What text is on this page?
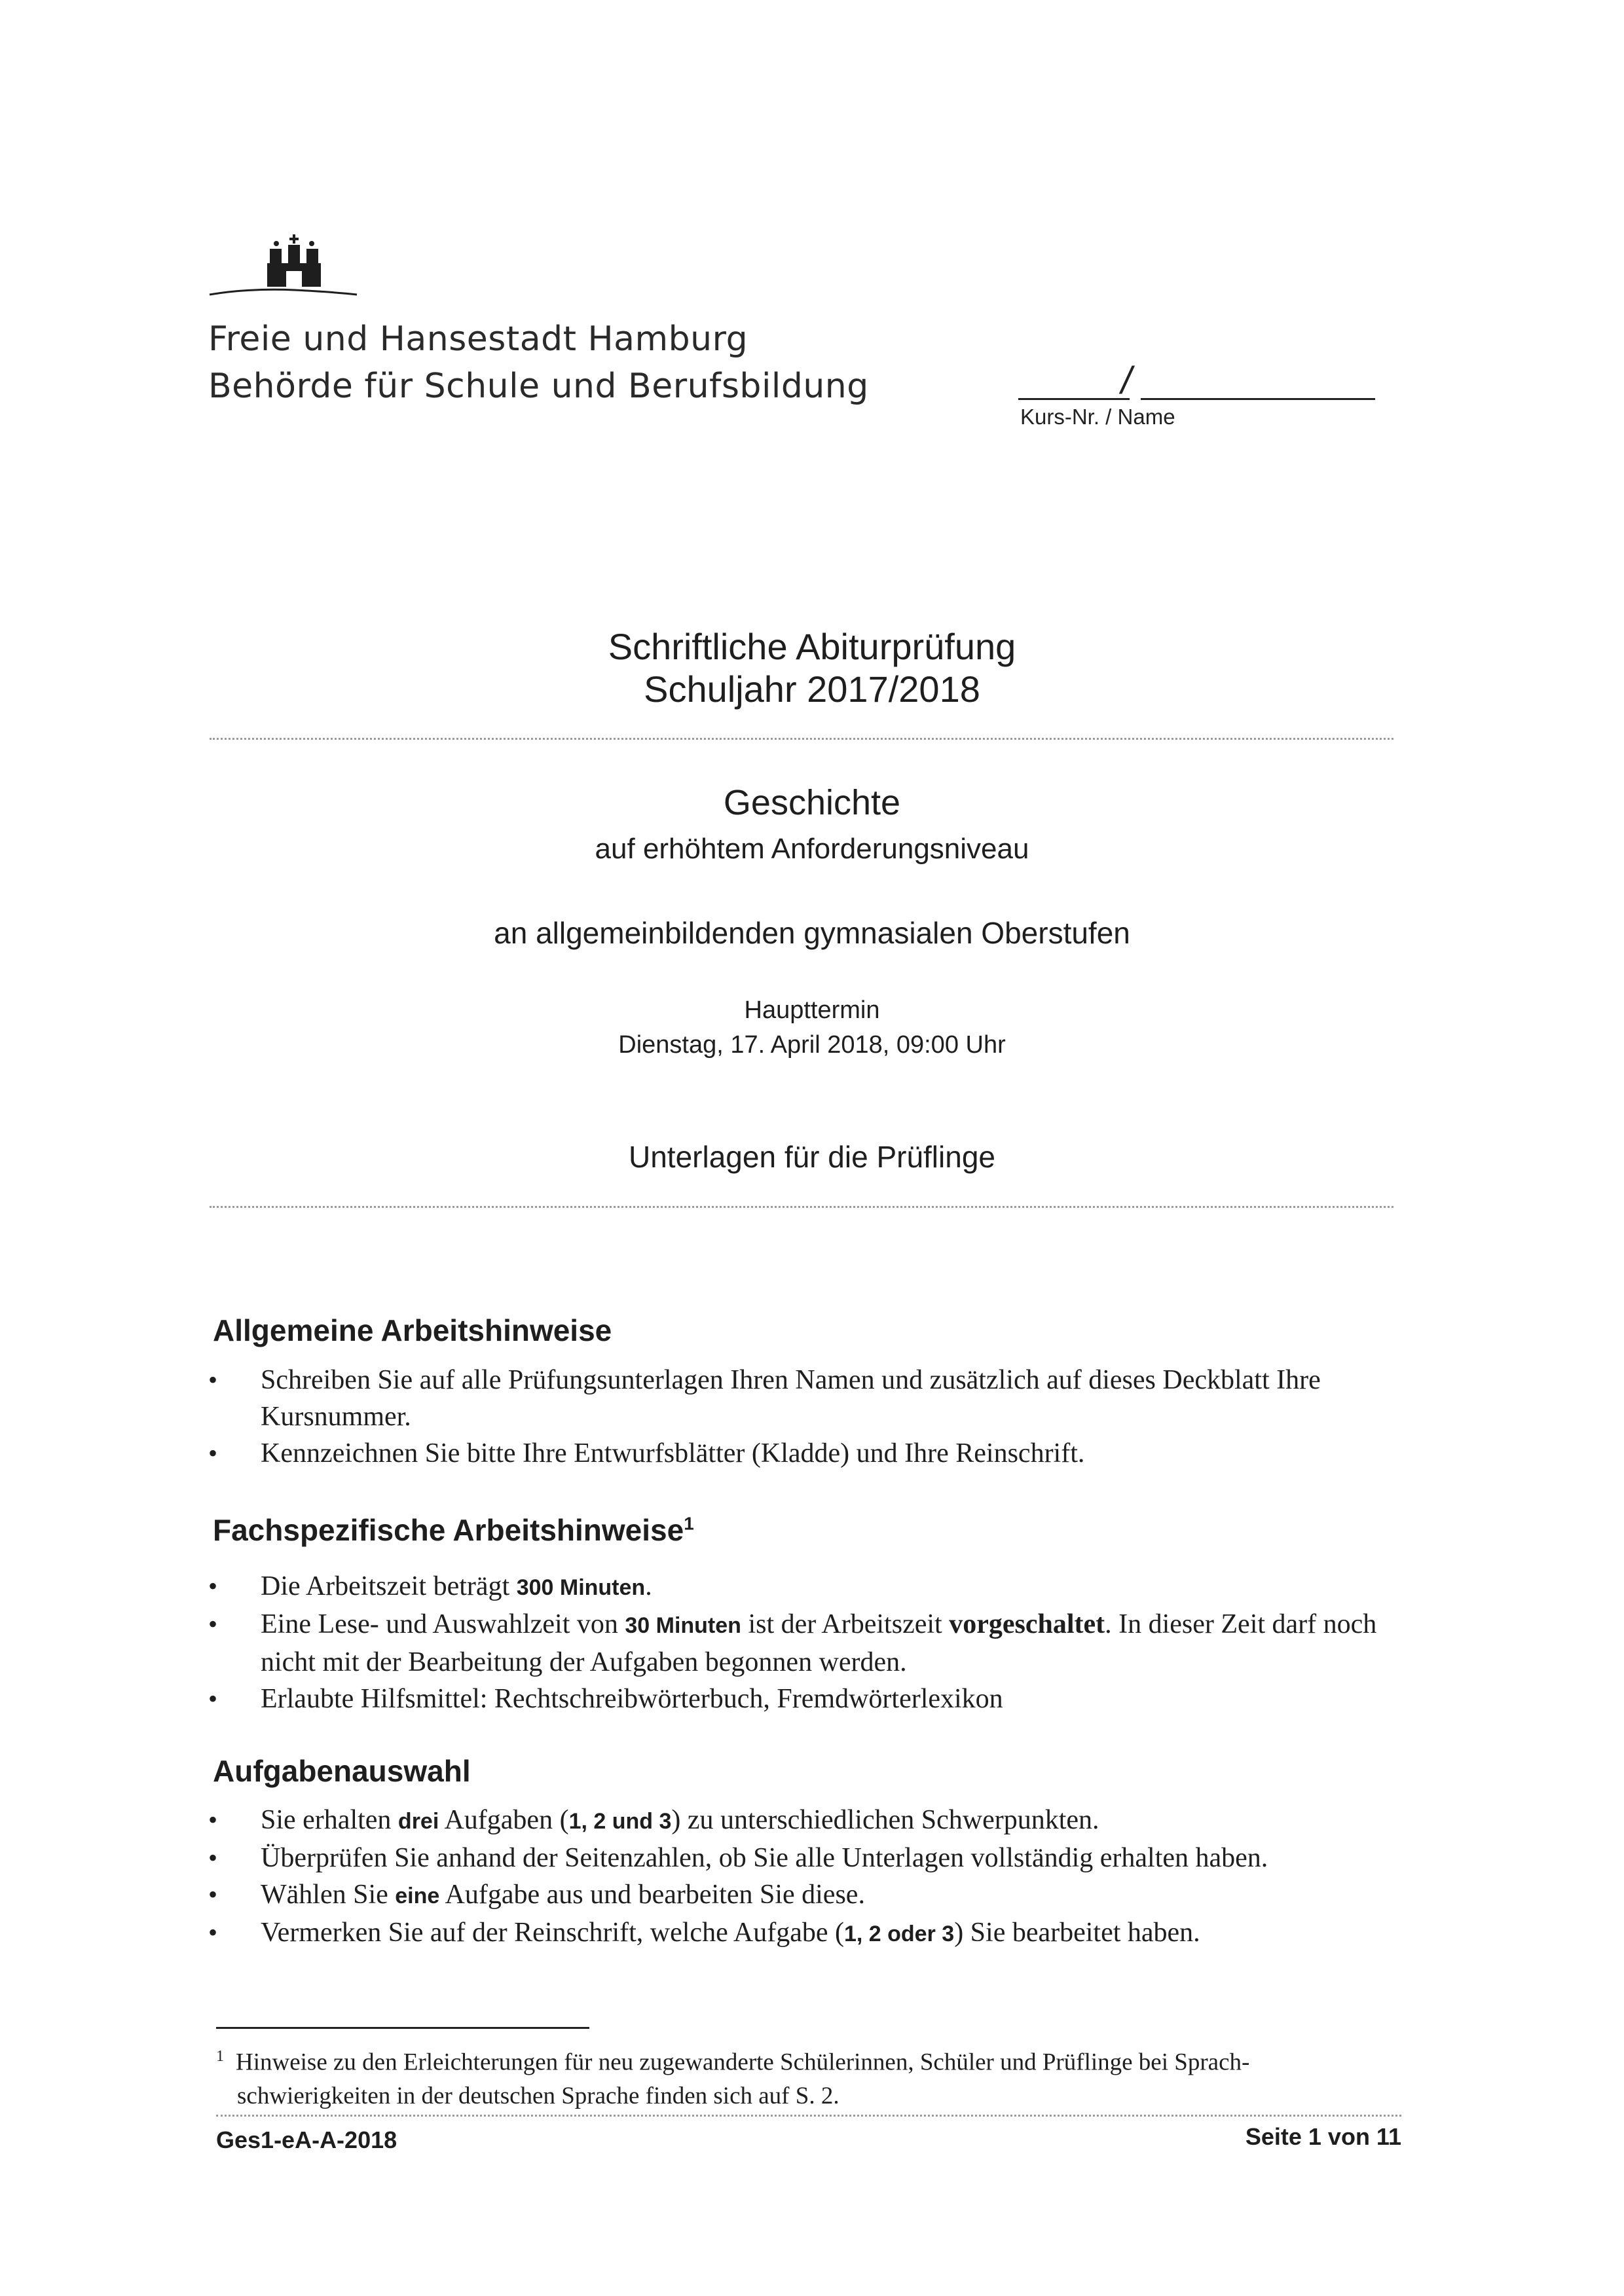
Freie und Hansestadt Hamburg
Behörde für Schule und Berufsbildung	/
Kurs-Nr. / Name
Schriftliche Abiturprüfung
Schuljahr 2017/2018
Geschichte
auf erhöhtem Anforderungsniveau
an allgemeinbildenden gymnasialen Oberstufen
Haupttermin
Dienstag, 17. April 2018, 09:00 Uhr
Unterlagen für die Prüflinge
Allgemeine Arbeitshinweise
• Schreiben Sie auf alle Prüfungsunterlagen Ihren Namen und zusätzlich auf dieses Deckblatt Ihre Kursnummer.
• Kennzeichnen Sie bitte Ihre Entwurfsblätter (Kladde) und Ihre Reinschrift.
Fachspezifische Arbeitshinweise$^1$
• Die Arbeitszeit beträgt 300 Minuten.
• Eine Lese- und Auswahlzeit von 30 Minuten ist der Arbeitszeit vorgeschaltet. In dieser Zeit darf noch nicht mit der Bearbeitung der Aufgaben begonnen werden.
• Erlaubte Hilfsmittel: Rechtschreibwörterbuch, Fremdwörterlexikon
Aufgabenauswahl
• Sie erhalten drei Aufgaben (1, 2 und 3) zu unterschiedlichen Schwerpunkten.
• Überprüfen Sie anhand der Seitenzahlen, ob Sie alle Unterlagen vollständig erhalten haben.
• Wählen Sie eine Aufgabe aus und bearbeiten Sie diese.
• Vermerken Sie auf der Reinschrift, welche Aufgabe (1, 2 oder 3) Sie bearbeitet haben.
$^1$ Hinweise zu den Erleichterungen für neu zugewanderte Schülerinnen, Schüler und Prüflinge bei Sprach-
schwierigkeiten in der deutschen Sprache finden sich auf S. 2.
Ges1-eA-A-2018	Seite 1 von 11
